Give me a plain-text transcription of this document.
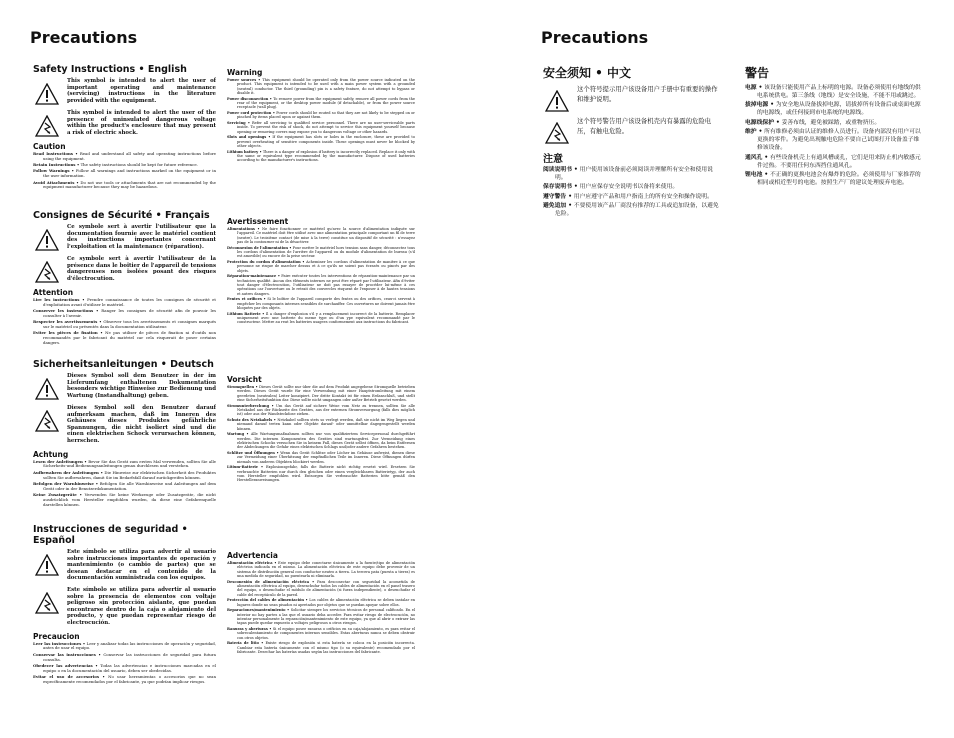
Precautions	Precautions
Safety Instructions • English
This symbol is intended to alert the user of important operating and maintenance (servicing) instructions in the literature provided with the equipment.
This symbol is intended to alert the user of the presence of uninsulated dangerous voltage within the product's enclosure that may present a risk of electric shock.
Caution

Read Instructions • Read and understand all safety and operating instructions before using the equipment.

Retain Instructions • The safety instructions should be kept for future reference.

Follow Warnings • Follow all warnings and instructions marked on the equipment or in the user information.

Avoid Attachments • Do not use tools or attachments that are not recommended by the equipment manufacturer because they may be hazardous.

Consignes de Sécurité • Français
Ce symbole sert à avertir l'utilisateur que la documentation fournie avec le matériel contient des instructions importantes concernant l'exploitation et la maintenance (réparation).
Ce symbole sert à avertir l'utilisateur de la présence dans le boîtier de l'appareil de tensions dangereuses non isolées posant des risques d'électrocution.
Attention

Lire les instructions • Prendre connaissance de toutes les consignes de sécurité et d'exploitation avant d'utiliser le matériel.

Conserver les instructions • Ranger les consignes de sécurité afin de pouvoir les consulter à l'avenir.

Respecter les avertissements • Observer tous les avertissements et consignes marqués sur le matériel ou présentés dans la documentation utilisateur.

Eviter les pièces de fixation • Ne pas utiliser de pièces de fixation ni d'outils non recommandés par le fabricant du matériel car cela risquerait de poser certains dangers.

Sicherheitsanleitungen • Deutsch
Dieses Symbol soll dem Benutzer in der im Lieferumfang enthaltenen Dokumentation besonders wichtige Hinweise zur Bedienung und Wartung (Instandhaltung) geben.
Dieses Symbol soll den Benutzer darauf aufmerksam machen, daß im Inneren des Gehäuses dieses Produktes gefährliche Spannungen, die nicht isoliert sind und die einen elektrischen Schock verursachen können, herrschen.
Achtung

Lesen der Anleitungen • Bevor Sie das Gerät zum ersten Mal verwenden, sollten Sie alle Sicherheits-und Bedienungsanleitungen genau durchlesen und verstehen.

Aufbewahren der Anleitungen • Die Hinweise zur elektrischen Sicherheit des Produktes sollten Sie aufbewahren, damit Sie im Bedarfsfall darauf zurückgreifen können.

Befolgen der Warnhinweise • Befolgen Sie alle Warnhinweise und Anleitungen auf dem Gerät oder in der Benutzerdokumentation.

Keine Zusatzgeräte • Verwenden Sie keine Werkzeuge oder Zusatzgeräte, die nicht ausdrücklich vom Hersteller empfohlen wurden, da diese eine Gefahrenquelle darstellen können.

Instrucciones de seguridad • Español
Este símbolo se utiliza para advertir al usuario sobre instrucciones importantes de operación y mantenimiento (o cambio de partes) que se desean destacar en el contenido de la documentación suministrada con los equipos.
Este símbolo se utiliza para advertir al usuario sobre la presencia de elementos con voltaje peligroso sin protección aislante, que puedan encontrarse dentro de la caja o alojamiento del producto, y que puedan representar riesgo de electrocución.
Precaucion

Leer las instrucciones • Leer y analizar todas las instrucciones de operación y seguridad, antes de usar el equipo.

Conservar las instrucciones • Conservar las instrucciones de seguridad para futura consulta.

Obedecer las advertencias • Todas las advertencias e instrucciones marcadas en el equipo o en la documentación del usuario, deben ser obedecidas.

Evitar el uso de accesorios • No usar herramientas o accesorios que no sean específicamente recomendados por el fabricante, ya que podrían implicar riesgos.

Warning

Power sources • This equipment should be operated only from the power source indicated on the product. This equipment is intended to be used with a main power system with a grounded (neutral) conductor. The third (grounding) pin is a safety feature, do not attempt to bypass or disable it.

Power disconnection • To remove power from the equipment safely, remove all power cords from the rear of the equipment, or the desktop power module (if detachable), or from the power source receptacle (wall plug).

Power cord protection • Power cords should be routed so that they are not likely to be stepped on or pinched by items placed upon or against them.

Servicing • Refer all servicing to qualified service personnel. There are no user-serviceable parts inside. To prevent the risk of shock, do not attempt to service this equipment yourself because opening or removing covers may expose you to dangerous voltage or other hazards.

Slots and openings • If the equipment has slots or holes in the enclosure, these are provided to prevent overheating of sensitive components inside. These openings must never be blocked by other objects.

Lithium battery • There is a danger of explosion if battery is incorrectly replaced. Replace it only with the same or equivalent type recommended by the manufacturer. Dispose of used batteries according to the manufacturer's instructions.

Avertissement

Alimentations • Ne faire fonctionner ce matériel qu'avec la source d'alimentation indiquée sur l'appareil. Ce matériel doit être utilisé avec une alimentation principale comportant un fil de terre (neutre). Le troisième contact (de mise à la terre) constitue un dispositif de sécurité : n'essayez pas de la contourner ni de la désactiver.

Déconnexion de l'alimentation • Pour mettre le matériel hors tension sans danger, déconnectez tous les cordons d'alimentation de l'arrière de l'appareil ou du module d'alimentation de bureau (s'il est amovible) ou encore de la prise secteur.

Protection du cordon d'alimentation • Acheminer les cordons d'alimentation de manière à ce que personne ne risque de marcher dessus et à ce qu'ils ne soient pas écrasés ou pincés par des objets.

Réparation-maintenance • Faire exécuter toutes les interventions de réparation-maintenance par un technicien qualifié. Aucun des éléments internes ne peut être réparé par l'utilisateur. Afin d'éviter tout danger d'électrocution, l'utilisateur ne doit pas essayer de procéder lui-même à ces opérations car l'ouverture ou le retrait des couvercles risquent de l'exposer à de hautes tensions et autres dangers.

Fentes et orifices • Si le boîtier de l'appareil comporte des fentes ou des orifices, ceux-ci servent à empêcher les composants internes sensibles de surchauffer. Ces ouvertures ne doivent jamais être bloquées par des objets.

Lithium Batterie • Il a danger d'explosion s'il y a remplacement incorrect de la batterie. Remplacer uniquement avec une batterie du meme type ou d'un ype equivalent recommandé par le constructeur. Mettre au reut les batteries usagees conformement aux instructions du fabricant.

Vorsicht

Stromquellen • Dieses Gerät sollte nur über die auf dem Produkt angegebene Stromquelle betrieben werden. Dieses Gerät wurde für eine Verwendung mit einer Hauptstromleitung mit einem geerdeten (neutralen) Leiter konzipiert. Der dritte Kontakt ist für einen Erdanschluß, und stellt eine Sicherheitsfunktion dar. Diese sollte nicht umgangen oder außer Betrieb gesetzt werden.

Stromunterbrechung • Um das Gerät auf sichere Weise vom Netz zu trennen, sollten Sie alle Netzkabel aus der Rückseite des Gerätes, aus der externen Stromversorgung (falls dies möglich ist) oder aus der Wandsteckdose ziehen.

Schutz des Netzkabels • Netzkabel sollten stets so verlegt werden, daß sie nicht im Weg liegen und niemand darauf treten kann oder Objekte darauf- oder unmittelbar dagegengestellt werden können.

Wartung • Alle Wartungsmaßnahmen sollten nur von qualifiziertem Servicepersonal durchgeführt werden. Die internen Komponenten des Gerätes sind wartungsfrei. Zur Vermeidung eines elektrischen Schocks versuchen Sie in keinem Fall, dieses Gerät selbst öffnen, da beim Entfernen der Abdeckungen die Gefahr eines elektrischen Schlags und/oder andere Gefahren bestehen.

Schlitze und Öffnungen • Wenn das Gerät Schlitze oder Löcher im Gehäuse aufweist, dienen diese zur Vermeidung einer Überhitzung der empfindlichen Teile im Inneren. Diese Öffnungen dürfen niemals von anderen Objekten blockiert werden.

Litium-Batterie • Explosionsgefahr, falls die Batterie nicht richtig ersetzt wird. Ersetzen Sie verbrauchte Batterien nur durch den gleichen oder einen vergleichbaren Batterietyp, der auch vom Hersteller empfohlen wird. Entsorgen Sie verbrauchte Batterien bitte gemäß den Herstelleranweisungen.

Advertencia

Alimentación eléctrica • Este equipo debe conectarse únicamente a la fuente/tipo de alimentación eléctrica indicada en el mismo. La alimentación eléctrica de este equipo debe provenir de un sistema de distribución general con conductor neutro a tierra. La tercera pata (puesta a tierra) es una medida de seguridad, no puentearla ni eliminarla.

Desconexión de alimentación eléctrica • Para desconectar con seguridad la acometida de alimentación eléctrica al equipo, desenchufar todos los cables de alimentación en el panel trasero del equipo, o desenchufar el módulo de alimentación (si fuera independiente), o desenchufar el cable del receptáculo de la pared.

Protección del cables de alimentación • Los cables de alimentación eléctrica se deben instalar en lugares donde no sean pisados ni apretados por objetos que se puedan apoyar sobre ellos.

Reparaciones/mantenimiento • Solicitar siempre los servicios técnicos de personal calificado. En el interior no hay partes a las que el usuario deba acceder. Para evitar riesgo de electrocución, no intentar personalmente la reparación/mantenimiento de este equipo, ya que al abrir o extraer las tapas puede quedar expuesto a voltajes peligrosos u otros riesgos.

Ranuras y aberturas • Si el equipo posee ranuras o orificios en su caja/alojamiento, es para evitar el sobrecalentamiento de componentes internos sensibles. Estas aberturas nunca se deben obstruir con otros objetos.

Batería de litio • Existe riesgo de explosión si esta batería se coloca en la posición incorrecta. Cambiar esta batería únicamente con el mismo tipo (o su equivalente) recomendado por el fabricante. Desechar las baterías usadas según las instrucciones del fabricante.

安全须知 • 中文
这个符号提示用户该设备用户手册中有重要的操作和维护说明。
这个符号警告用户该设备机壳内有暴露的危险电压，有触电危险。
注意

阅读说明书 • 用户使用该设备前必须阅读并理解所有安全和使用说明。

保存说明书 • 用户应保存安全说明书以备将来使用。

遵守警告 • 用户应遵守产品和用户指南上的所有安全和操作说明。

避免追加 • 不要使用该产品厂商没有推荐的工具或追加设备，以避免危险。

警告

电源 • 该设备只能使用产品上标明的电源。设备必须使用有地线的供电系统供电。第三条线（地线）是安全设施，不能不用或跳过。

拔掉电源 • 为安全地从设备拔掉电源，请拔掉所有设备后或桌面电源的电源线，或任何接到市电系统的电源线。

电源线保护 • 妥善布线，避免被踩踏，或重物挤压。

维护 • 所有维修必须由认证的维修人员进行。设备内部没有用户可以更换的零件。为避免出现触电危险不要自己试图打开设备盖子维修该设备。

通风孔 • 有些设备机壳上有通风槽或孔，它们是用来防止机内敏感元件过热。不要用任何东西挡住通风孔。

锂电池 • 不正确的更换电池会有爆炸的危险。必须使用与厂家推荐的相同或相近型号的电池。按照生产厂的建议处理废弃电池。
